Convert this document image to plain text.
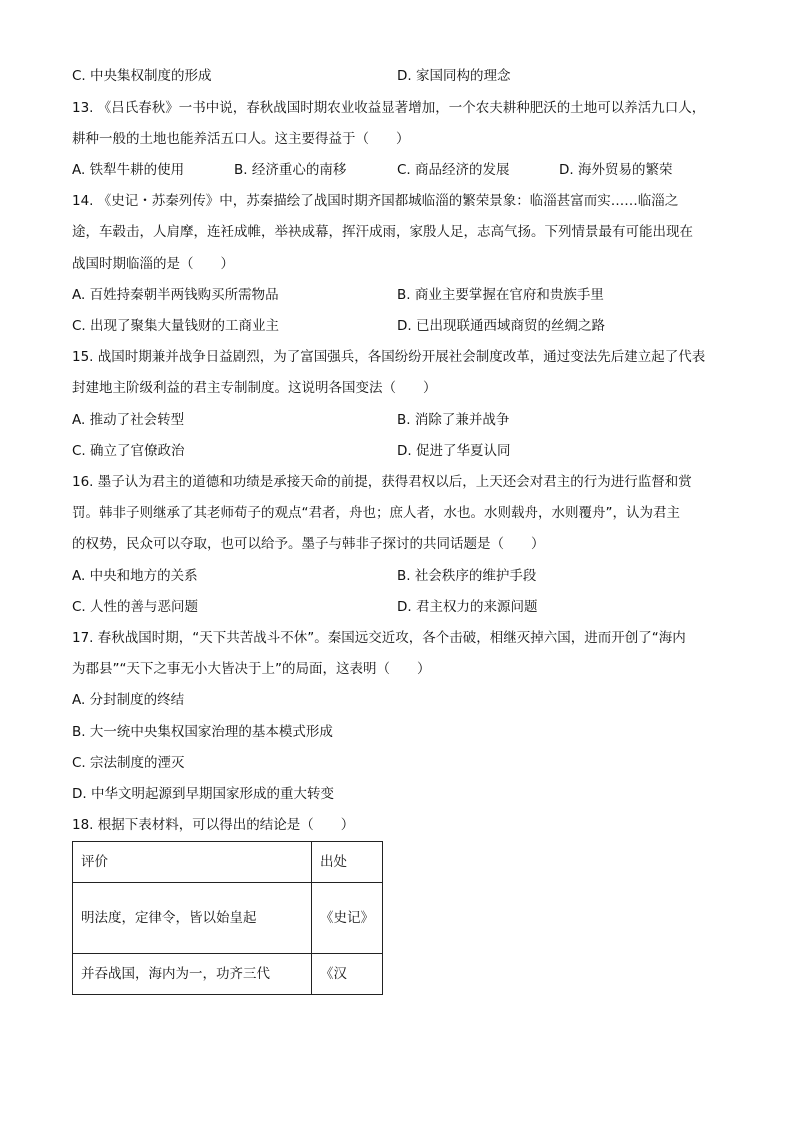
C. 中央集权制度的形成	D. 家国同构的理念
13. 《吕氏春秋》一书中说，春秋战国时期农业收益显著增加，一个农夫耕种肥沃的土地可以养活九口人，
耕种一般的土地也能养活五口人。这主要得益于（　　）
A. 铁犁牛耕的使用	B. 经济重心的南移	C. 商品经济的发展	D. 海外贸易的繁荣
14. 《史记・苏秦列传》中，苏秦描绘了战国时期齐国都城临淄的繁荣景象：临淄甚富而实……临淄之
途，车毂击，人肩摩，连衽成帷，举袂成幕，挥汗成雨，家殷人足，志高气扬。下列情景最有可能出现在
战国时期临淄的是（　　）
A. 百姓持秦朝半两钱购买所需物品	B. 商业主要掌握在官府和贵族手里
C. 出现了聚集大量钱财的工商业主	D. 已出现联通西域商贸的丝绸之路
15. 战国时期兼并战争日益剧烈，为了富国强兵，各国纷纷开展社会制度改革，通过变法先后建立起了代表
封建地主阶级利益的君主专制制度。这说明各国变法（　　）
A. 推动了社会转型	B. 消除了兼并战争
C. 确立了官僚政治	D. 促进了华夏认同
16. 墨子认为君主的道德和功绩是承接天命的前提，获得君权以后，上天还会对君主的行为进行监督和赏
罚。韩非子则继承了其老师荀子的观点“君者，舟也；庶人者，水也。水则载舟，水则覆舟”，认为君主
的权势，民众可以夺取，也可以给予。墨子与韩非子探讨的共同话题是（　　）
A. 中央和地方的关系	B. 社会秩序的维护手段
C. 人性的善与恶问题	D. 君主权力的来源问题
17. 春秋战国时期，“天下共苦战斗不休”。秦国远交近攻，各个击破，相继灭掉六国，进而开创了“海内
为郡县”“天下之事无小大皆决于上”的局面，这表明（　　）
A. 分封制度的终结
B. 大一统中央集权国家治理的基本模式形成
C. 宗法制度的湮灭
D. 中华文明起源到早期国家形成的重大转变
18. 根据下表材料，可以得出的结论是（　　）
评价	出处
明法度，定律令，皆以始皇起	《史记》
并吞战国，海内为一，功齐三代	《汉
